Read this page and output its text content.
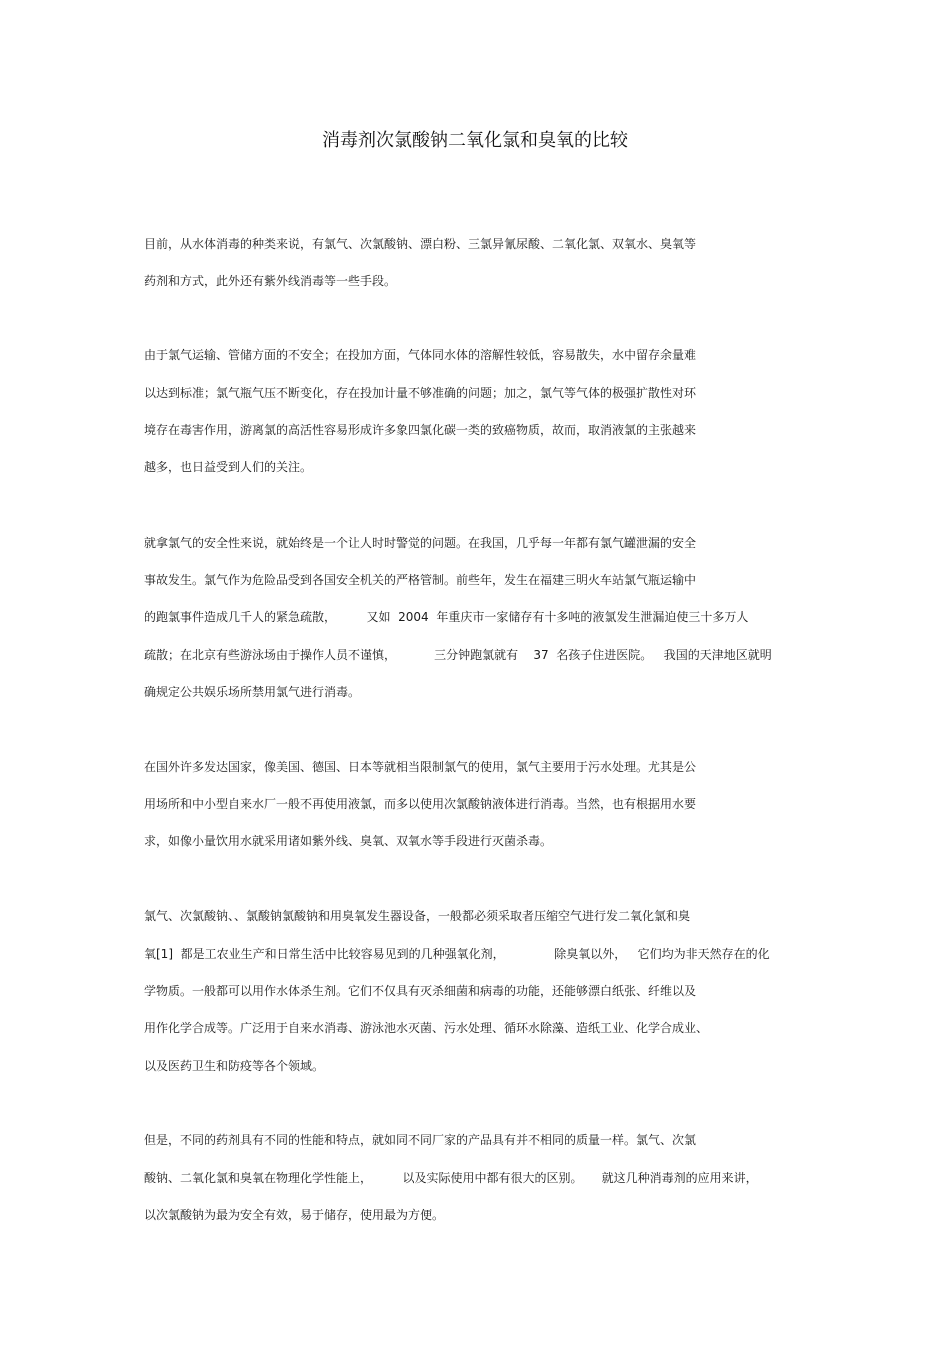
消毒剂次氯酸钠二氧化氯和臭氧的比较

目前，从水体消毒的种类来说，有氯气、次氯酸钠、漂白粉、三氯异氰尿酸、二氧化氯、双氧水、臭氧等

药剂和方式，此外还有紫外线消毒等一些手段。

由于氯气运输、管储方面的不安全；在投加方面，气体同水体的溶解性较低，容易散失，水中留存余量难

以达到标准；氯气瓶气压不断变化，存在投加计量不够准确的问题；加之，氯气等气体的极强扩散性对环

境存在毒害作用，游离氯的高活性容易形成许多象四氯化碳一类的致癌物质，故而，取消液氯的主张越来

越多，也日益受到人们的关注。

就拿氯气的安全性来说，就始终是一个让人时时警觉的问题。在我国，几乎每一年都有氯气罐泄漏的安全

事故发生。氯气作为危险品受到各国安全机关的严格管制。前些年，发生在福建三明火车站氯气瓶运输中

的跑氯事件造成几千人的紧急疏散，        又如  2004  年重庆市一家储存有十多吨的液氯发生泄漏迫使三十多万人

疏散；在北京有些游泳场由于操作人员不谨慎，          三分钟跑氯就有    37  名孩子住进医院。   我国的天津地区就明

确规定公共娱乐场所禁用氯气进行消毒。

在国外许多发达国家，像美国、德国、日本等就相当限制氯气的使用，氯气主要用于污水处理。尤其是公

用场所和中小型自来水厂一般不再使用液氯，而多以使用次氯酸钠液体进行消毒。当然，也有根据用水要

求，如像小量饮用水就采用诸如紫外线、臭氧、双氧水等手段进行灭菌杀毒。

氯气、次氯酸钠、、氯酸钠氯酸钠和用臭氧发生器设备，一般都必须采取者压缩空气进行发二氧化氯和臭

氧[1]  都是工农业生产和日常生活中比较容易见到的几种强氧化剂，             除臭氧以外，   它们均为非天然存在的化

学物质。一般都可以用作水体杀生剂。它们不仅具有灭杀细菌和病毒的功能，还能够漂白纸张、纤维以及

用作化学合成等。广泛用于自来水消毒、游泳池水灭菌、污水处理、循环水除藻、造纸工业、化学合成业、

以及医药卫生和防疫等各个领域。

但是，不同的药剂具有不同的性能和特点，就如同不同厂家的产品具有并不相同的质量一样。氯气、次氯

酸钠、二氧化氯和臭氧在物理化学性能上，        以及实际使用中都有很大的区别。     就这几种消毒剂的应用来讲，

以次氯酸钠为最为安全有效，易于储存，使用最为方便。
